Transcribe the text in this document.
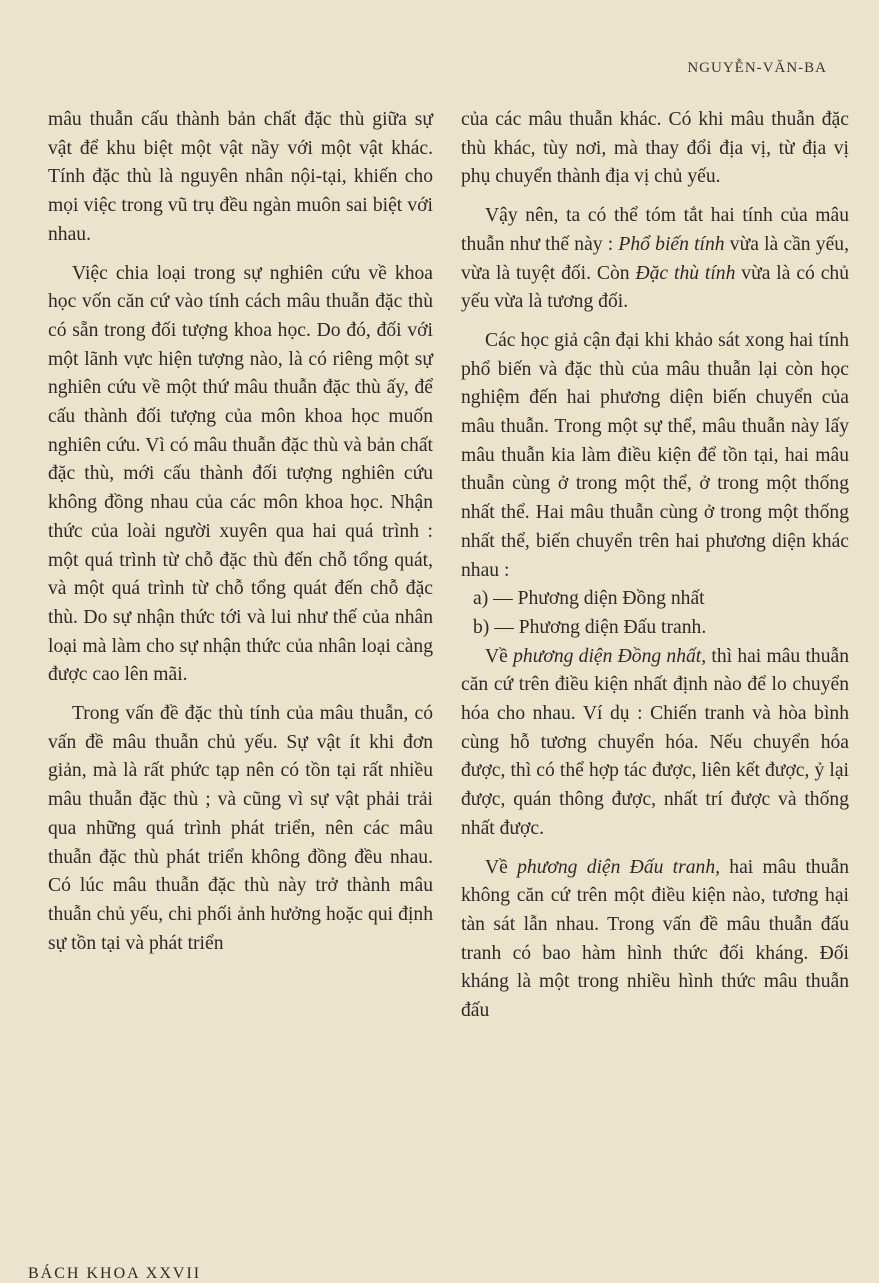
NGUYỄN-VĂN-BA

mâu thuẫn cấu thành bản chất đặc thù giữa sự vật để khu biệt một vật nầy với một vật khác. Tính đặc thù là nguyên nhân nội-tại, khiến cho mọi việc trong vũ trụ đều ngàn muôn sai biệt với nhau.

Việc chia loại trong sự nghiên cứu về khoa học vốn căn cứ vào tính cách mâu thuẫn đặc thù có sẵn trong đối tượng khoa học. Do đó, đối với một lãnh vực hiện tượng nào, là có riêng một sự nghiên cứu về một thứ mâu thuẫn đặc thù ấy, để cấu thành đối tượng của môn khoa học muốn nghiên cứu. Vì có mâu thuẫn đặc thù và bản chất đặc thù, mới cấu thành đối tượng nghiên cứu không đồng nhau của các môn khoa học. Nhận thức của loài người xuyên qua hai quá trình : một quá trình từ chỗ đặc thù đến chỗ tổng quát, và một quá trình từ chỗ tổng quát đến chỗ đặc thù. Do sự nhận thức tới và lui như thế của nhân loại mà làm cho sự nhận thức của nhân loại càng được cao lên mãi.

Trong vấn đề đặc thù tính của mâu thuẫn, có vấn đề mâu thuẫn chủ yếu. Sự vật ít khi đơn giản, mà là rất phức tạp nên có tồn tại rất nhiều mâu thuẫn đặc thù ; và cũng vì sự vật phải trải qua những quá trình phát triển, nên các mâu thuẫn đặc thù phát triển không đồng đều nhau. Có lúc mâu thuẫn đặc thù này trở thành mâu thuẫn chủ yếu, chi phối ảnh hưởng hoặc qui định sự tồn tại và phát triển

của các mâu thuẫn khác. Có khi mâu thuẫn đặc thù khác, tùy nơi, mà thay đổi địa vị, từ địa vị phụ chuyển thành địa vị chủ yếu.

Vậy nên, ta có thể tóm tắt hai tính của mâu thuẫn như thế này : Phổ biến tính vừa là cần yếu, vừa là tuyệt đối. Còn Đặc thù tính vừa là có chủ yếu vừa là tương đối.

Các học giả cận đại khi khảo sát xong hai tính phổ biến và đặc thù của mâu thuẫn lại còn học nghiệm đến hai phương diện biến chuyển của mâu thuẫn. Trong một sự thể, mâu thuẫn này lấy mâu thuẫn kia làm điều kiện để tồn tại, hai mâu thuẫn cùng ở trong một thể, ở trong một thống nhất thể. Hai mâu thuẫn cùng ở trong một thống nhất thể, biến chuyển trên hai phương diện khác nhau :

a) — Phương diện Đồng nhất

b) — Phương diện Đấu tranh.

Về phương diện Đồng nhất, thì hai mâu thuẫn căn cứ trên điều kiện nhất định nào để lo chuyển hóa cho nhau. Ví dụ : Chiến tranh và hòa bình cùng hỗ tương chuyển hóa. Nếu chuyển hóa được, thì có thể hợp tác được, liên kết được, ỷ lại được, quán thông được, nhất trí được và thống nhất được.

Về phương diện Đấu tranh, hai mâu thuẫn không căn cứ trên một điều kiện nào, tương hại tàn sát lẫn nhau. Trong vấn đề mâu thuẫn đấu tranh có bao hàm hình thức đối kháng. Đối kháng là một trong nhiều hình thức mâu thuẫn đấu

BÁCH KHOA XXVII
